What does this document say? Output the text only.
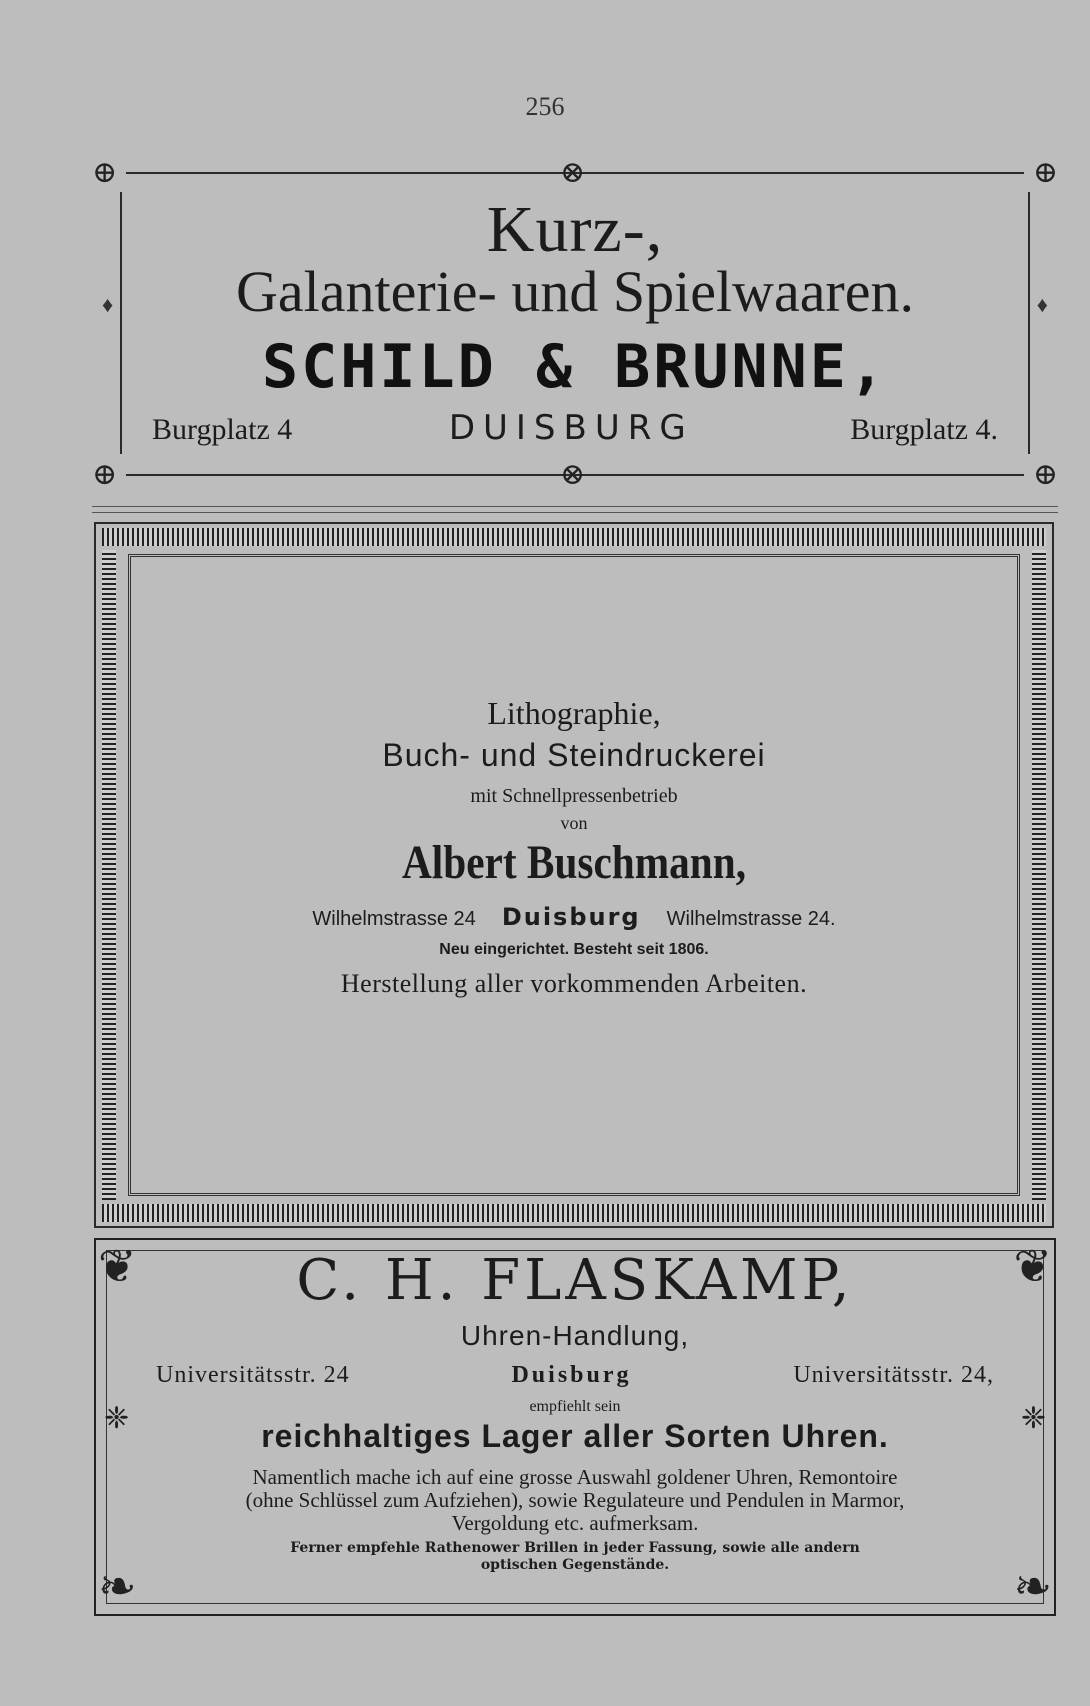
256
⊕	⊕
⊕	⊕
⊗
⊗
♦	♦
Kurz-,
Galanterie- und Spielwaaren.
SCHILD & BRUNNE,
Burgplatz 4	DUISBURG	Burgplatz 4.
Lithographie,
Buch- und Steindruckerei
mit Schnellpressenbetrieb
von
Albert Buschmann,
Wilhelmstrasse 24 Duisburg Wilhelmstrasse 24.
Neu eingerichtet. Besteht seit 1806.
Herstellung aller vorkommenden Arbeiten.
❦	❦
❧	❧
❈	❈
C. H. FLASKAMP,
Uhren-Handlung,
Universitätsstr. 24	Duisburg	Universitätsstr. 24,
empfiehlt sein
reichhaltiges Lager aller Sorten Uhren.
Namentlich mache ich auf eine grosse Auswahl goldener Uhren, Remontoire
(ohne Schlüssel zum Aufziehen), sowie Regulateure und Pendulen in Marmor,
Vergoldung etc. aufmerksam.
Ferner empfehle Rathenower Brillen in jeder Fassung, sowie alle andern
optischen Gegenstände.
